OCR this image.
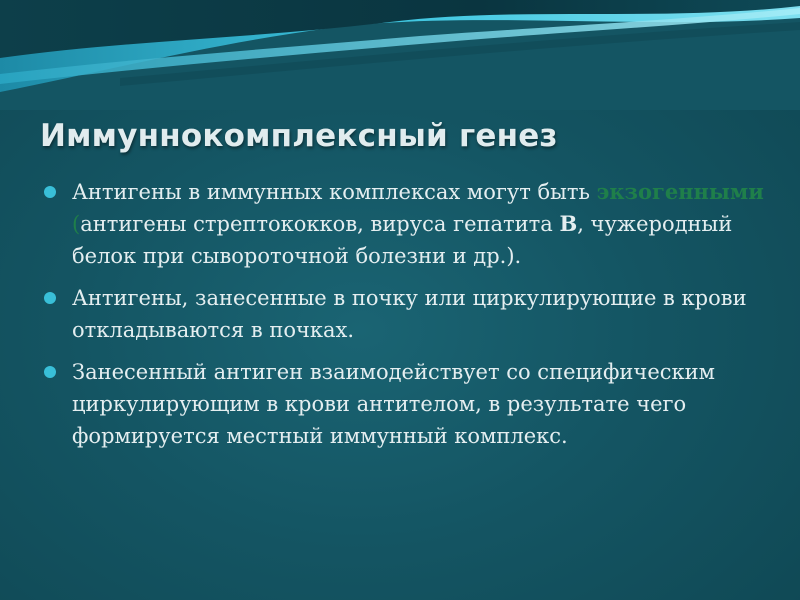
Иммуннокомплексный генез
Антигены в иммунных комплексах могут быть экзогенными (антигены стрептококков, вируса гепатита В, чужеродный белок при сывороточной болезни и др.).
Антигены, занесенные в почку или циркулирующие в крови откладываются в почках.
Занесенный антиген взаимодействует со специфическим циркулирующим в крови антителом, в результате чего формируется местный иммунный комплекс.
